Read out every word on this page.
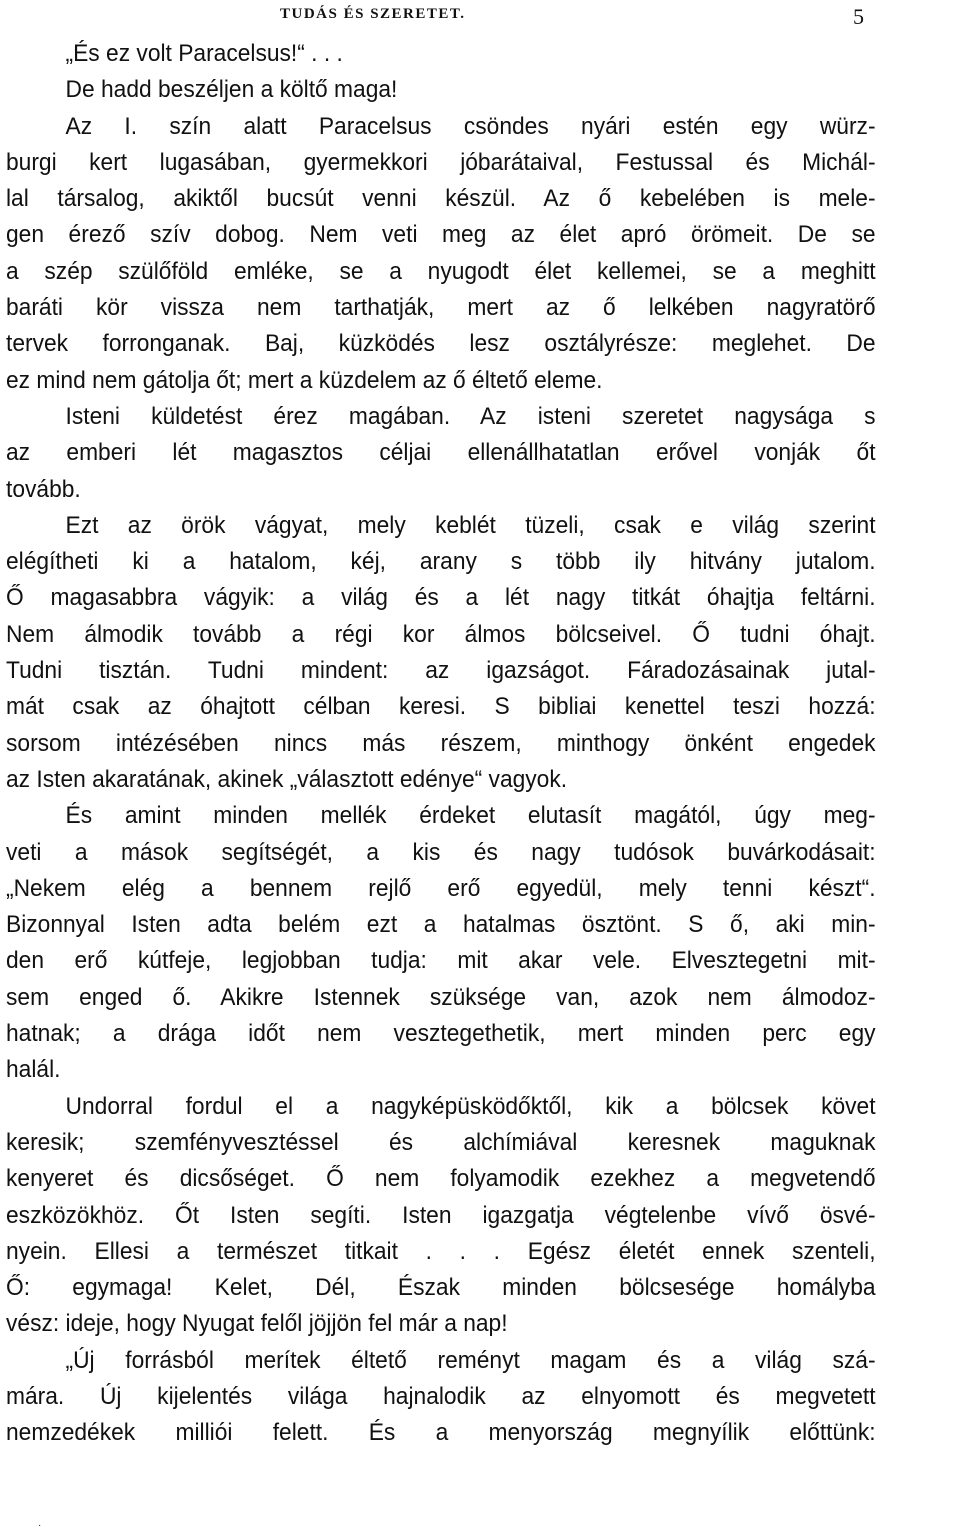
TUDÁS ÉS SZERETET.	5
„És ez volt Paracelsus!“ . . .
De hadd beszéljen a költő maga!
Az I. szín alatt Paracelsus csöndes nyári estén egy würz-
burgi kert lugasában, gyermekkori jóbarátaival, Festussal és Michál-
lal társalog, akiktől bucsút venni készül. Az ő kebelében is mele-
gen érező szív dobog. Nem veti meg az élet apró örömeit. De se
a szép szülőföld emléke, se a nyugodt élet kellemei, se a meghitt
baráti kör vissza nem tarthatják, mert az ő lelkében nagyratörő
tervek forronganak. Baj, küzködés lesz osztályrésze: meglehet. De
ez mind nem gátolja őt; mert a küzdelem az ő éltető eleme.
Isteni küldetést érez magában. Az isteni szeretet nagysága s
az emberi lét magasztos céljai ellenállhatatlan erővel vonják őt
tovább.
Ezt az örök vágyat, mely keblét tüzeli, csak e világ szerint
elégítheti ki a hatalom, kéj, arany s több ily hitvány jutalom.
Ő magasabbra vágyik: a világ és a lét nagy titkát óhajtja feltárni.
Nem álmodik tovább a régi kor álmos bölcseivel. Ő tudni óhajt.
Tudni tisztán. Tudni mindent: az igazságot. Fáradozásainak jutal-
mát csak az óhajtott célban keresi. S bibliai kenettel teszi hozzá:
sorsom intézésében nincs más részem, minthogy önként engedek
az Isten akaratának, akinek „választott edénye“ vagyok.
És amint minden mellék érdeket elutasít magától, úgy meg-
veti a mások segítségét, a kis és nagy tudósok buvárkodásait:
„Nekem elég a bennem rejlő erő egyedül, mely tenni készt“.
Bizonnyal Isten adta belém ezt a hatalmas ösztönt. S ő, aki min-
den erő kútfeje, legjobban tudja: mit akar vele. Elvesztegetni mit-
sem enged ő. Akikre Istennek szüksége van, azok nem álmodoz-
hatnak; a drága időt nem vesztegethetik, mert minden perc egy
halál.
Undorral fordul el a nagyképüsködőktől, kik a bölcsek követ
keresik; szemfényvesztéssel és alchímiával keresnek maguknak
kenyeret és dicsőséget. Ő nem folyamodik ezekhez a megvetendő
eszközökhöz. Őt Isten segíti. Isten igazgatja végtelenbe vívő ösvé-
nyein. Ellesi a természet titkait . . . Egész életét ennek szenteli,
Ő: egymaga! Kelet, Dél, Észak minden bölcsesége homályba
vész: ideje, hogy Nyugat felől jöjjön fel már a nap!
„Új forrásból merítek éltető reményt magam és a világ szá-
mára. Új kijelentés világa hajnalodik az elnyomott és megvetett
nemzedékek milliói felett. És a menyország megnyílik előttünk:
·
